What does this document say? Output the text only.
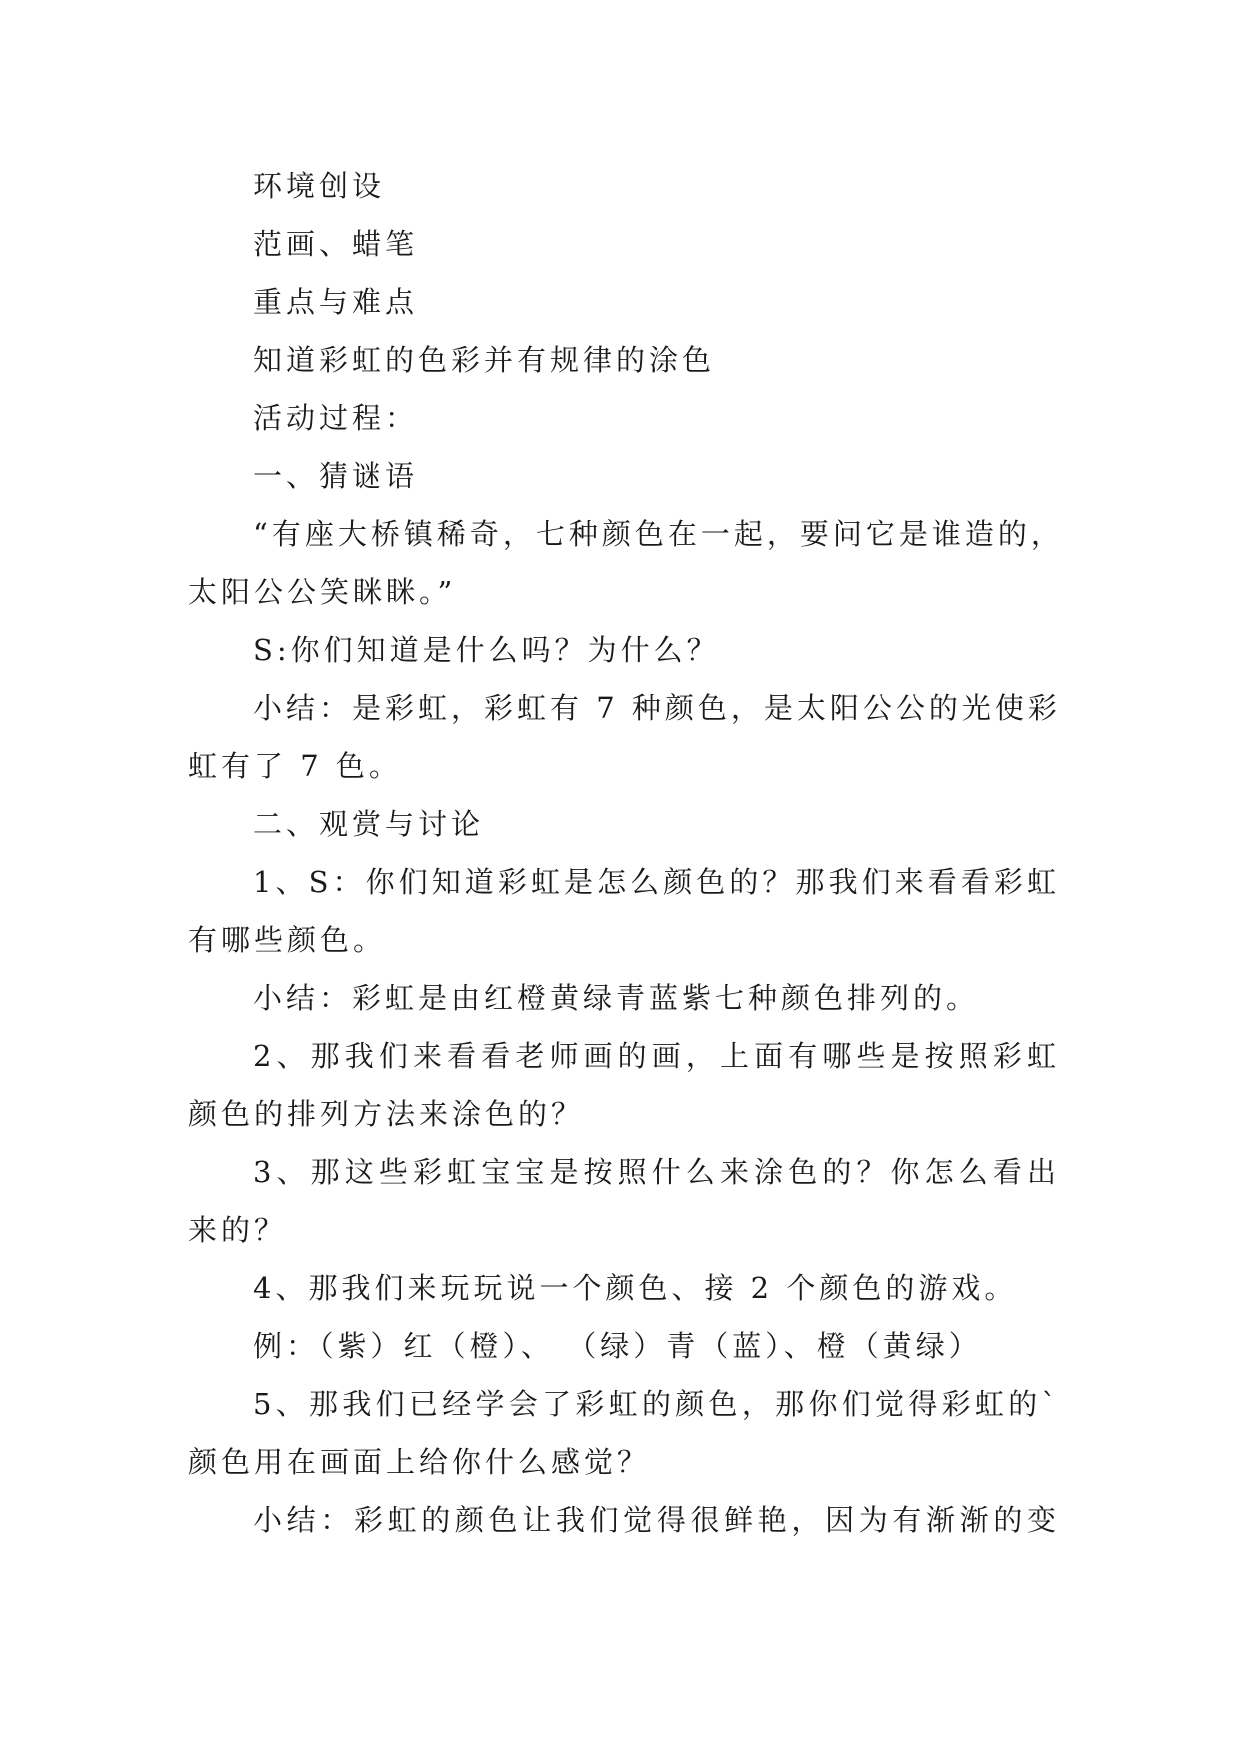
环境创设
范画、蜡笔
重点与难点
知道彩虹的色彩并有规律的涂色
活动过程：
一、猜谜语
“有座大桥镇稀奇，七种颜色在一起，要问它是谁造的，
太阳公公笑眯眯。”
S:你们知道是什么吗？为什么？
小结：是彩虹，彩虹有 7 种颜色，是太阳公公的光使彩
虹有了 7 色。
二、观赏与讨论
1、S：你们知道彩虹是怎么颜色的？那我们来看看彩虹
有哪些颜色。
小结：彩虹是由红橙黄绿青蓝紫七种颜色排列的。
2、那我们来看看老师画的画，上面有哪些是按照彩虹
颜色的排列方法来涂色的？
3、那这些彩虹宝宝是按照什么来涂色的？你怎么看出
来的？
4、那我们来玩玩说一个颜色、接 2 个颜色的游戏。
例：（紫）红（橙）、 （绿）青（蓝）、橙（黄绿）
5、那我们已经学会了彩虹的颜色，那你们觉得彩虹的`
颜色用在画面上给你什么感觉？
小结：彩虹的颜色让我们觉得很鲜艳，因为有渐渐的变
